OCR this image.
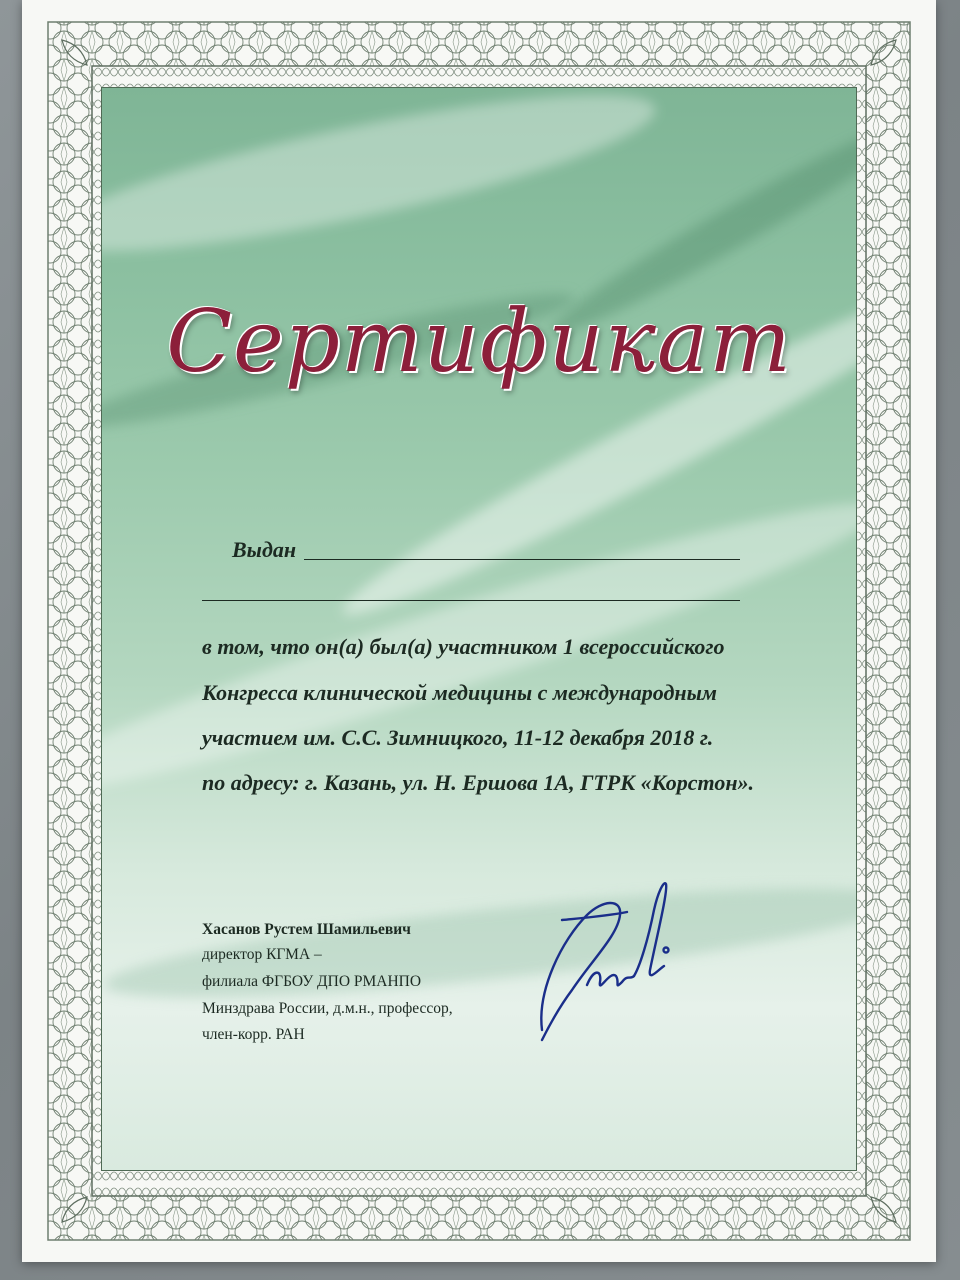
Сертификат
Выдан
в том, что он(а) был(а) участником 1 всероссийского
Конгресса клинической медицины с международным
участием им. С.С. Зимницкого, 11-12 декабря 2018 г.
по адресу: г. Казань, ул. Н. Ершова 1А, ГТРК «Корстон».
Хасанов Рустем Шамильевич
директор КГМА –
филиала ФГБОУ ДПО РМАНПО
Минздрава России, д.м.н., профессор,
член-корр. РАН
